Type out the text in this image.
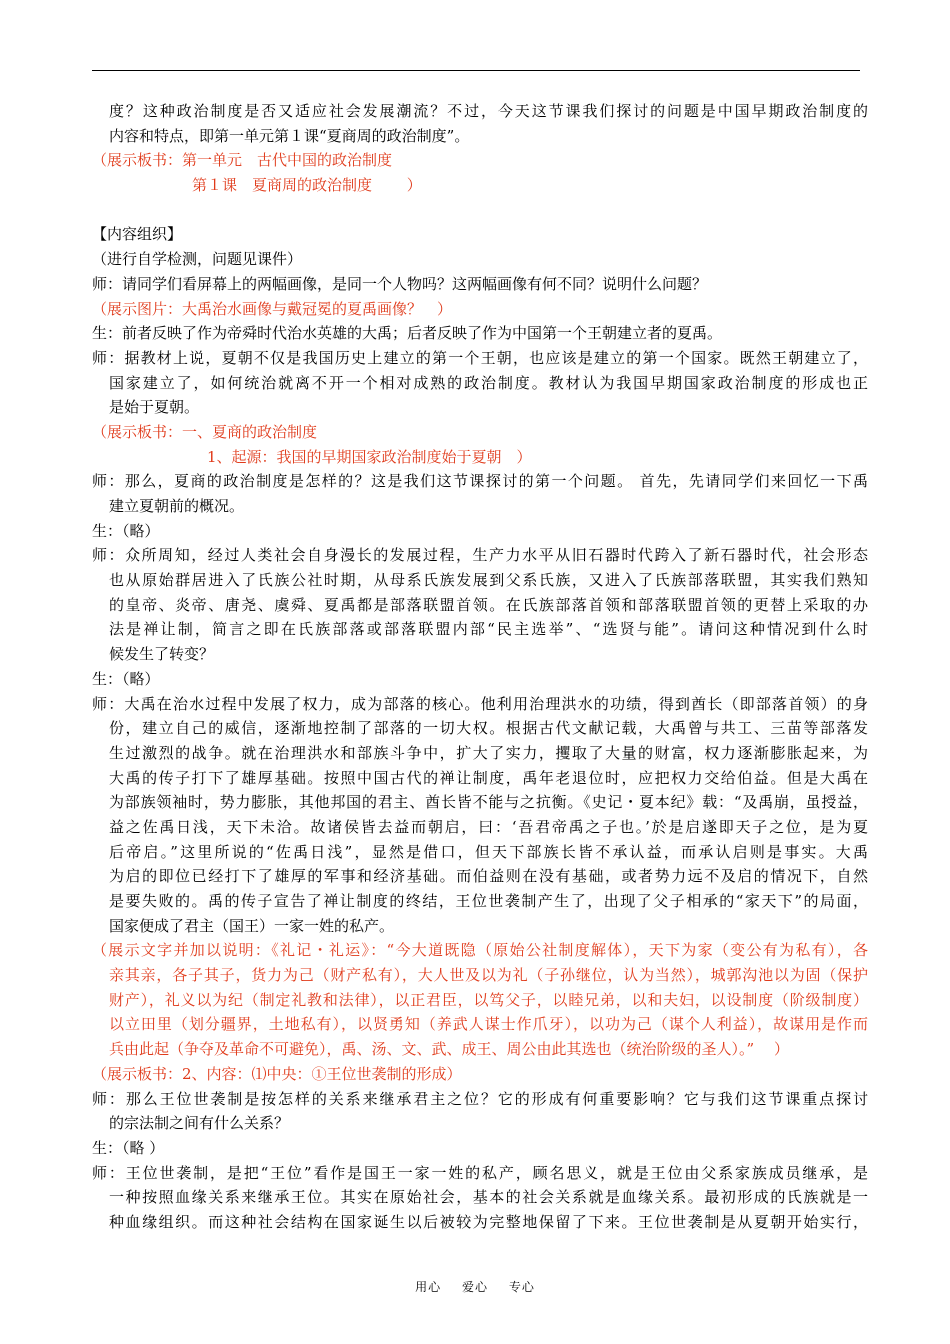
度？这种政治制度是否又适应社会发展潮流？不过，今天这节课我们探讨的问题是中国早期政治制度的
内容和特点，即第一单元第１课“夏商周的政治制度”。
（展示板书：第一单元　古代中国的政治制度
第１课　夏商周的政治制度　　 ）
【内容组织】
（进行自学检测，问题见课件）
师：请同学们看屏幕上的两幅画像，是同一个人物吗？这两幅画像有何不同？说明什么问题？
（展示图片：大禹治水画像与戴冠冕的夏禹画像？　）
生：前者反映了作为帝舜时代治水英雄的大禹；后者反映了作为中国第一个王朝建立者的夏禹。
师：据教材上说，夏朝不仅是我国历史上建立的第一个王朝，也应该是建立的第一个国家。既然王朝建立了，
国家建立了，如何统治就离不开一个相对成熟的政治制度。教材认为我国早期国家政治制度的形成也正
是始于夏朝。
（展示板书：一、夏商的政治制度
1、起源：我国的早期国家政治制度始于夏朝　）
师：那么，夏商的政治制度是怎样的？这是我们这节课探讨的第一个问题。 首先，先请同学们来回忆一下禹
建立夏朝前的概况。
生：（略）
师：众所周知，经过人类社会自身漫长的发展过程，生产力水平从旧石器时代跨入了新石器时代，社会形态
也从原始群居进入了氏族公社时期，从母系氏族发展到父系氏族，又进入了氏族部落联盟，其实我们熟知
的皇帝、炎帝、唐尧、虞舜、夏禹都是部落联盟首领。在氏族部落首领和部落联盟首领的更替上采取的办
法是禅让制，简言之即在氏族部落或部落联盟内部“民主选举”、“选贤与能”。请问这种情况到什么时
候发生了转变？
生：（略）
师：大禹在治水过程中发展了权力，成为部落的核心。他利用治理洪水的功绩，得到酋长（即部落首领）的身
份，建立自己的威信，逐渐地控制了部落的一切大权。根据古代文献记载，大禹曾与共工、三苗等部落发
生过激烈的战争。就在治理洪水和部族斗争中，扩大了实力，攫取了大量的财富，权力逐渐膨胀起来，为
大禹的传子打下了雄厚基础。按照中国古代的禅让制度，禹年老退位时，应把权力交给伯益。但是大禹在
为部族领袖时，势力膨胀，其他邦国的君主、酋长皆不能与之抗衡。《史记・夏本纪》载：“及禹崩，虽授益，
益之佐禹日浅，天下未洽。故诸侯皆去益而朝启，曰：‘吾君帝禹之子也。’於是启遂即天子之位，是为夏
后帝启。”这里所说的“佐禹日浅”，显然是借口，但天下部族长皆不承认益，而承认启则是事实。大禹
为启的即位已经打下了雄厚的军事和经济基础。而伯益则在没有基础，或者势力远不及启的情况下，自然
是要失败的。禹的传子宣告了禅让制度的终结，王位世袭制产生了，出现了父子相承的“家天下”的局面，
国家便成了君主（国王）一家一姓的私产。
（展示文字并加以说明：《礼记・礼运》：“今大道既隐（原始公社制度解体），天下为家（变公有为私有），各
亲其亲，各子其子，货力为己（财产私有），大人世及以为礼（子孙继位，认为当然），城郭沟池以为固（保护
财产），礼义以为纪（制定礼教和法律），以正君臣，以笃父子，以睦兄弟，以和夫妇，以设制度（阶级制度）
以立田里（划分疆界，土地私有），以贤勇知（养武人谋士作爪牙），以功为己（谋个人利益），故谋用是作而
兵由此起（争夺及革命不可避免），禹、汤、文、武、成王、周公由此其选也（统治阶级的圣人）。”　 ）
（展示板书：2、内容：⑴中央：①王位世袭制的形成）
师：那么王位世袭制是按怎样的关系来继承君主之位？它的形成有何重要影响？它与我们这节课重点探讨
的宗法制之间有什么关系？
生：（略 ）
师：王位世袭制，是把“王位”看作是国王一家一姓的私产，顾名思义，就是王位由父系家族成员继承，是
一种按照血缘关系来继承王位。其实在原始社会，基本的社会关系就是血缘关系。最初形成的氏族就是一
种血缘组织。而这种社会结构在国家诞生以后被较为完整地保留了下来。王位世袭制是从夏朝开始实行，
用心 爱心 专心
